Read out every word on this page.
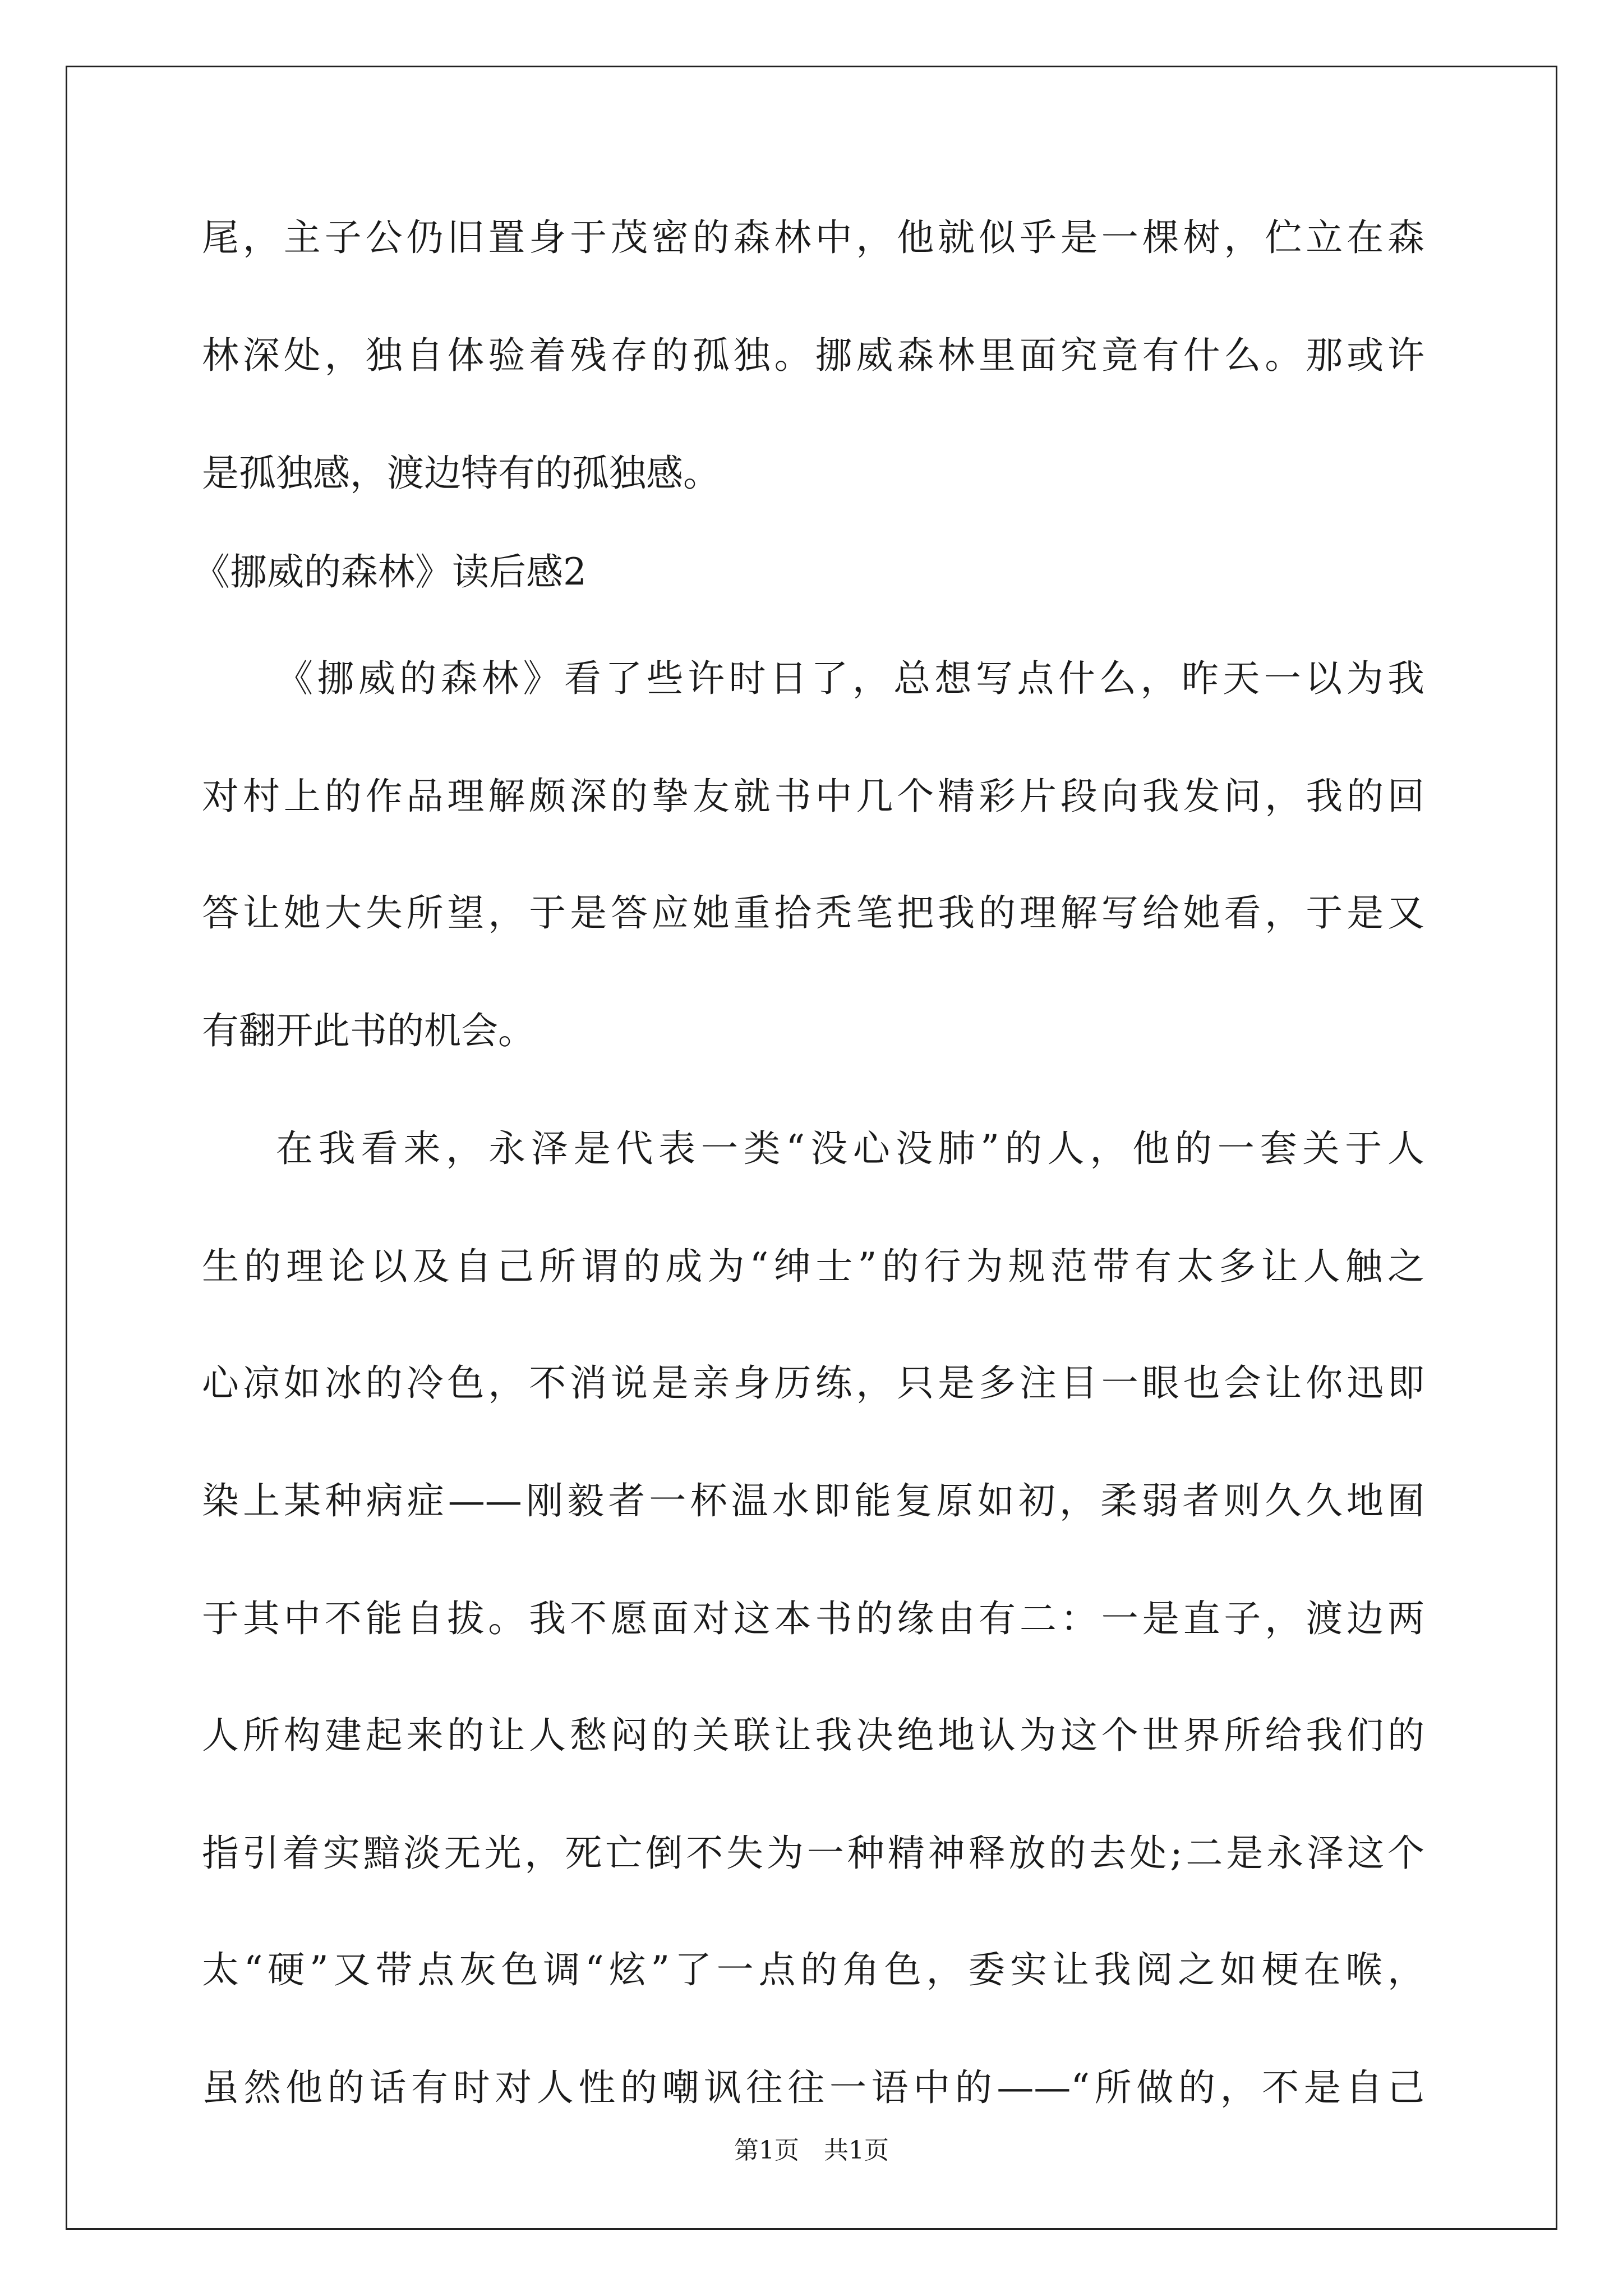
尾，主子公仍旧置身于茂密的森林中，他就似乎是一棵树，伫立在森
林深处，独自体验着残存的孤独。挪威森林里面究竟有什么。那或许
是孤独感，渡边特有的孤独感。
《挪威的森林》读后感2
《挪威的森林》看了些许时日了，总想写点什么，昨天一以为我
对村上的作品理解颇深的挚友就书中几个精彩片段向我发问，我的回
答让她大失所望，于是答应她重拾秃笔把我的理解写给她看，于是又
有翻开此书的机会。
在我看来，永泽是代表一类“没心没肺”的人，他的一套关于人
生的理论以及自己所谓的成为“绅士”的行为规范带有太多让人触之
心凉如冰的冷色，不消说是亲身历练，只是多注目一眼也会让你迅即
染上某种病症——刚毅者一杯温水即能复原如初，柔弱者则久久地囿
于其中不能自拔。我不愿面对这本书的缘由有二：一是直子，渡边两
人所构建起来的让人愁闷的关联让我决绝地认为这个世界所给我们的
指引着实黯淡无光，死亡倒不失为一种精神释放的去处;二是永泽这个
太“硬”又带点灰色调“炫”了一点的角色，委实让我阅之如梗在喉，
虽然他的话有时对人性的嘲讽往往一语中的——“所做的，不是自己
第1页　共1页
